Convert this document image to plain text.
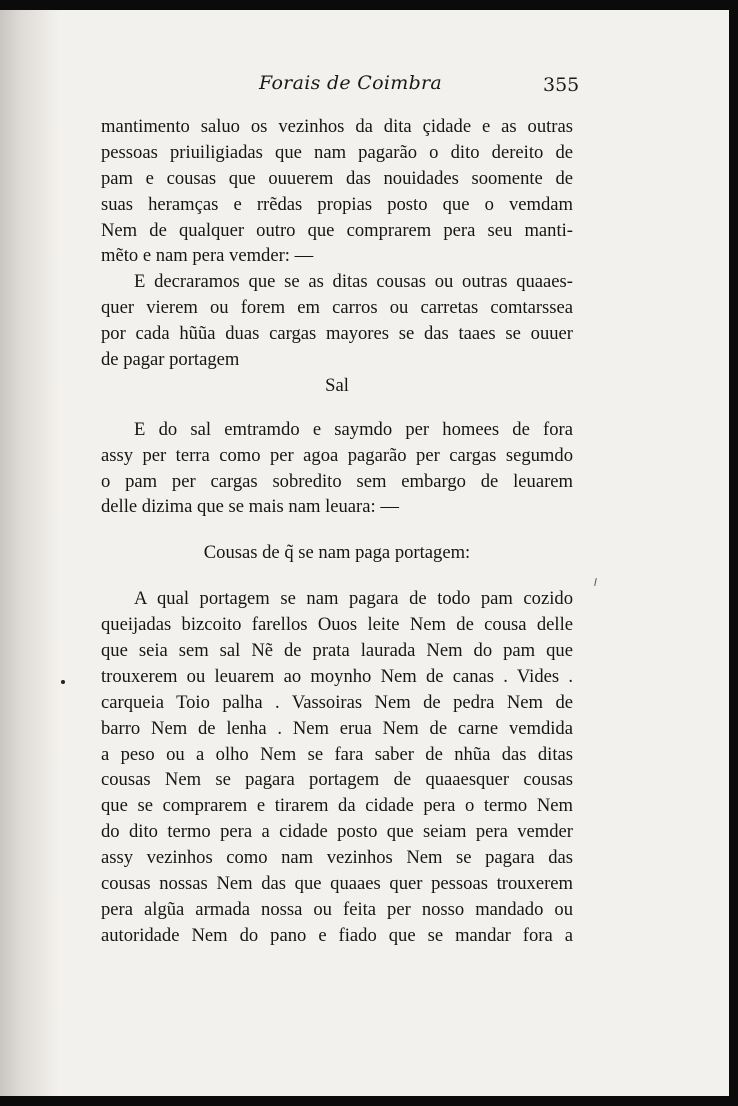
Forais de Coimbra	355
mantimento saluo os vezinhos da dita çidade e as outras
pessoas priuiligiadas que nam pagarão o dito dereito de
pam e cousas que ouuerem das nouidades soomente de
suas heramças e rrẽdas propias posto que o vemdam
Nem de qualquer outro que comprarem pera seu manti-
mẽto e nam pera vemder: —
E decraramos que se as ditas cousas ou outras quaaes-
quer vierem ou forem em carros ou carretas comtarssea
por cada hũũa duas cargas mayores se das taaes se ouuer
de pagar portagem
Sal
E do sal emtramdo e saymdo per homees de fora
assy per terra como per agoa pagarão per cargas segumdo
o pam per cargas sobredito sem embargo de leuarem
delle dizima que se mais nam leuara: —
Cousas de q̃ se nam paga portagem:
A qual portagem se nam pagara de todo pam cozido
queijadas bizcoito farellos Ouos leite Nem de cousa delle
que seia sem sal Nẽ de prata laurada Nem do pam que
trouxerem ou leuarem ao moynho Nem de canas . Vides .
carqueia Toio palha . Vassoiras Nem de pedra Nem de
barro Nem de lenha . Nem erua Nem de carne vemdida
a peso ou a olho Nem se fara saber de nhũa das ditas
cousas Nem se pagara portagem de quaaesquer cousas
que se comprarem e tirarem da cidade pera o termo Nem
do dito termo pera a cidade posto que seiam pera vemder
assy vezinhos como nam vezinhos Nem se pagara das
cousas nossas Nem das que quaaes quer pessoas trouxerem
pera algũa armada nossa ou feita per nosso mandado ou
autoridade Nem do pano e fiado que se mandar fora a
